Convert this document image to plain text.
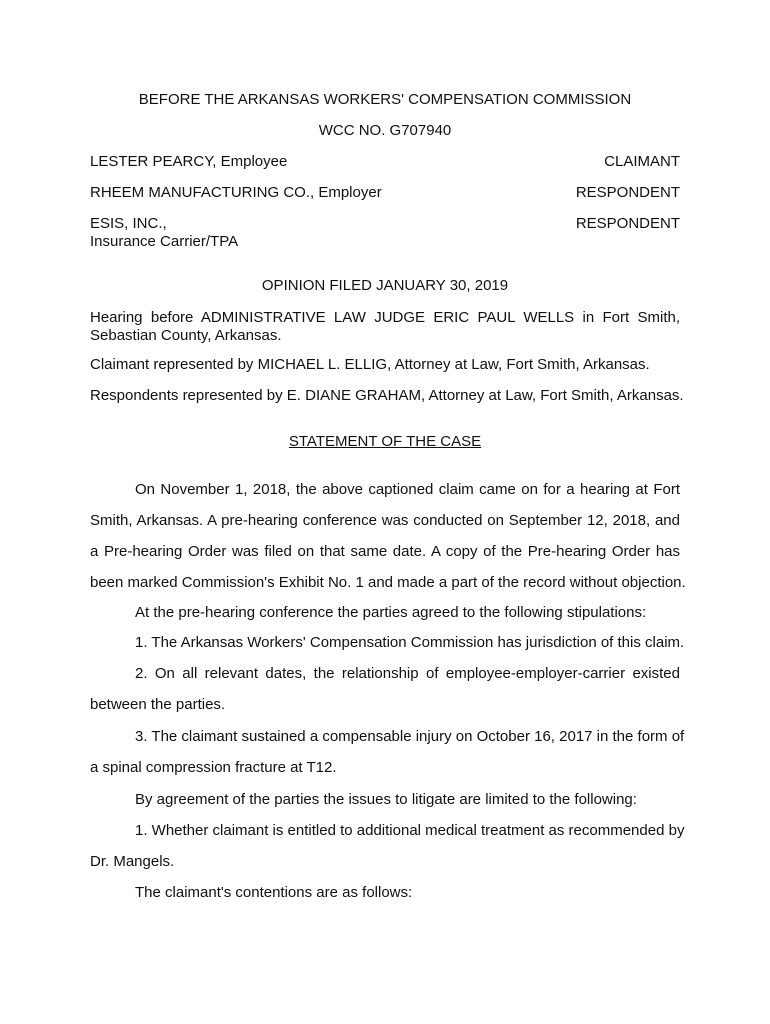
BEFORE THE ARKANSAS WORKERS' COMPENSATION COMMISSION
WCC NO. G707940
LESTER PEARCY, Employee	CLAIMANT
RHEEM MANUFACTURING CO., Employer	RESPONDENT
ESIS, INC.,
Insurance Carrier/TPA
RESPONDENT
OPINION FILED JANUARY 30, 2019
Hearing before ADMINISTRATIVE LAW JUDGE ERIC PAUL WELLS in Fort Smith, Sebastian County, Arkansas.
Claimant represented by MICHAEL L. ELLIG, Attorney at Law, Fort Smith, Arkansas.
Respondents represented by E. DIANE GRAHAM, Attorney at Law, Fort Smith, Arkansas.
STATEMENT OF THE CASE
On November 1, 2018, the above captioned claim came on for a hearing at Fort
Smith, Arkansas. A pre-hearing conference was conducted on September 12, 2018, and
a Pre-hearing Order was filed on that same date. A copy of the Pre-hearing Order has
been marked Commission's Exhibit No. 1 and made a part of the record without objection.
At the pre-hearing conference the parties agreed to the following stipulations:
1. The Arkansas Workers' Compensation Commission has jurisdiction of this claim.
2. On all relevant dates, the relationship of employee-employer-carrier existed
between the parties.
3. The claimant sustained a compensable injury on October 16, 2017 in the form of
a spinal compression fracture at T12.
By agreement of the parties the issues to litigate are limited to the following:
1. Whether claimant is entitled to additional medical treatment as recommended by
Dr. Mangels.
The claimant's contentions are as follows:
